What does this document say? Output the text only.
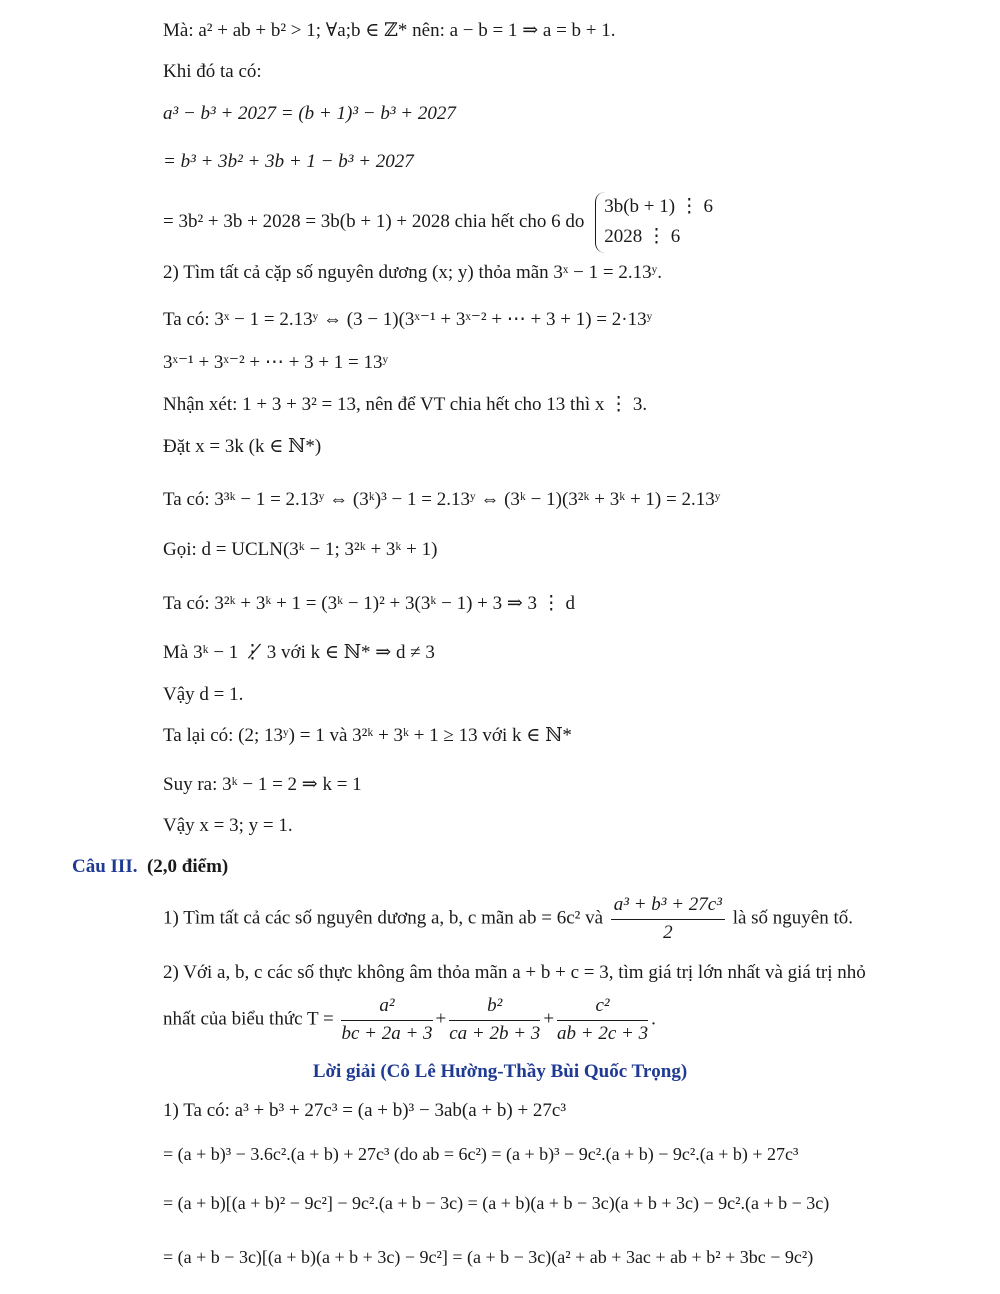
Mà: a² + ab + b² > 1; ∀a;b ∈ ℤ* nên: a − b = 1 ⇒ a = b + 1.
Khi đó ta có:
a³ − b³ + 2027 = (b + 1)³ − b³ + 2027
= b³ + 3b² + 3b + 1 − b³ + 2027
= 3b² + 3b + 2028 = 3b(b + 1) + 2028 chia hết cho 6 do
3b(b + 1) ⋮ 6
2028 ⋮ 6
2) Tìm tất cả cặp số nguyên dương (x; y) thỏa mãn 3ˣ − 1 = 2.13ʸ.
Ta có: 3ˣ − 1 = 2.13ʸ ⇔ (3 − 1)(3ˣ⁻¹ + 3ˣ⁻² + ⋯ + 3 + 1) = 2·13ʸ
3ˣ⁻¹ + 3ˣ⁻² + ⋯ + 3 + 1 = 13ʸ
Nhận xét: 1 + 3 + 3² = 13, nên để VT chia hết cho 13 thì x ⋮ 3.
Đặt x = 3k (k ∈ ℕ*)
Ta có: 3³ᵏ − 1 = 2.13ʸ ⇔ (3ᵏ)³ − 1 = 2.13ʸ ⇔ (3ᵏ − 1)(3²ᵏ + 3ᵏ + 1) = 2.13ʸ
Gọi: d = UCLN(3ᵏ − 1; 3²ᵏ + 3ᵏ + 1)
Ta có: 3²ᵏ + 3ᵏ + 1 = (3ᵏ − 1)² + 3(3ᵏ − 1) + 3 ⇒ 3 ⋮ d
Mà 3ᵏ − 1 ⋮̸ 3 với k ∈ ℕ* ⇒ d ≠ 3
Vậy d = 1.
Ta lại có: (2; 13ʸ) = 1 và 3²ᵏ + 3ᵏ + 1 ≥ 13 với k ∈ ℕ*
Suy ra: 3ᵏ − 1 = 2 ⇒ k = 1
Vậy x = 3; y = 1.
Câu III. (2,0 điểm)
1) Tìm tất cả các số nguyên dương a, b, c mãn ab = 6c² và $\frac{\text{a³ + b³ + 27c³}}{2}$ là số nguyên tố.
2) Với a, b, c các số thực không âm thỏa mãn a + b + c = 3, tìm giá trị lớn nhất và giá trị nhỏ
nhất của biểu thức $T = \frac{\text{a²}}{bc + 2a + 3} + \frac{\text{b²}}{ca + 2b + 3} + \frac{\text{c²}}{ab + 2c + 3}$ .
Lời giải (Cô Lê Hường-Thầy Bùi Quốc Trọng)
1) Ta có: a³ + b³ + 27c³ = (a + b)³ − 3ab(a + b) + 27c³
= (a + b)³ − 3.6c².(a + b) + 27c³ (do ab = 6c²) = (a + b)³ − 9c².(a + b) − 9c².(a + b) + 27c³
= (a + b)[(a + b)² − 9c²] − 9c².(a + b − 3c) = (a + b)(a + b − 3c)(a + b + 3c) − 9c².(a + b − 3c)
= (a + b − 3c)[(a + b)(a + b + 3c) − 9c²] = (a + b − 3c)(a² + ab + 3ac + ab + b² + 3bc − 9c²)
